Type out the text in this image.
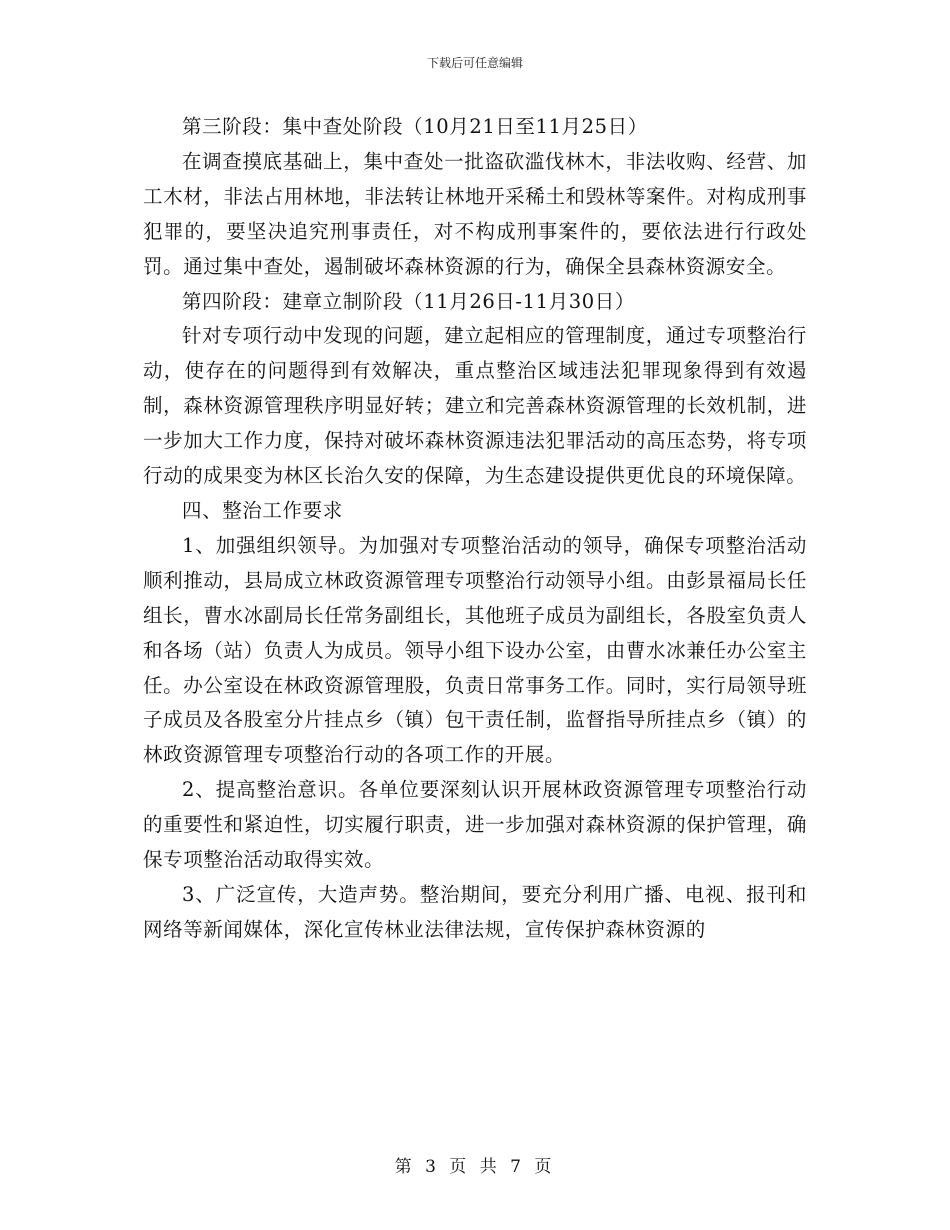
下载后可任意编辑

第三阶段：集中查处阶段（10月21日至11月25日）

在调查摸底基础上，集中查处一批盗砍滥伐林木，非法收购、经营、加工木材，非法占用林地，非法转让林地开采稀土和毁林等案件。对构成刑事犯罪的，要坚决追究刑事责任，对不构成刑事案件的，要依法进行行政处罚。通过集中查处，遏制破坏森林资源的行为，确保全县森林资源安全。

第四阶段：建章立制阶段（11月26日-11月30日）

针对专项行动中发现的问题，建立起相应的管理制度，通过专项整治行动，使存在的问题得到有效解决，重点整治区域违法犯罪现象得到有效遏制，森林资源管理秩序明显好转；建立和完善森林资源管理的长效机制，进一步加大工作力度，保持对破坏森林资源违法犯罪活动的高压态势，将专项行动的成果变为林区长治久安的保障，为生态建设提供更优良的环境保障。

四、整治工作要求

1、加强组织领导。为加强对专项整治活动的领导，确保专项整治活动顺利推动，县局成立林政资源管理专项整治行动领导小组。由彭景福局长任组长，曹水冰副局长任常务副组长，其他班子成员为副组长，各股室负责人和各场（站）负责人为成员。领导小组下设办公室，由曹水冰兼任办公室主任。办公室设在林政资源管理股，负责日常事务工作。同时，实行局领导班子成员及各股室分片挂点乡（镇）包干责任制，监督指导所挂点乡（镇）的林政资源管理专项整治行动的各项工作的开展。

2、提高整治意识。各单位要深刻认识开展林政资源管理专项整治行动的重要性和紧迫性，切实履行职责，进一步加强对森林资源的保护管理，确保专项整治活动取得实效。

3、广泛宣传，大造声势。整治期间，要充分利用广播、电视、报刊和网络等新闻媒体，深化宣传林业法律法规，宣传保护森林资源的

第 3 页 共 7 页
